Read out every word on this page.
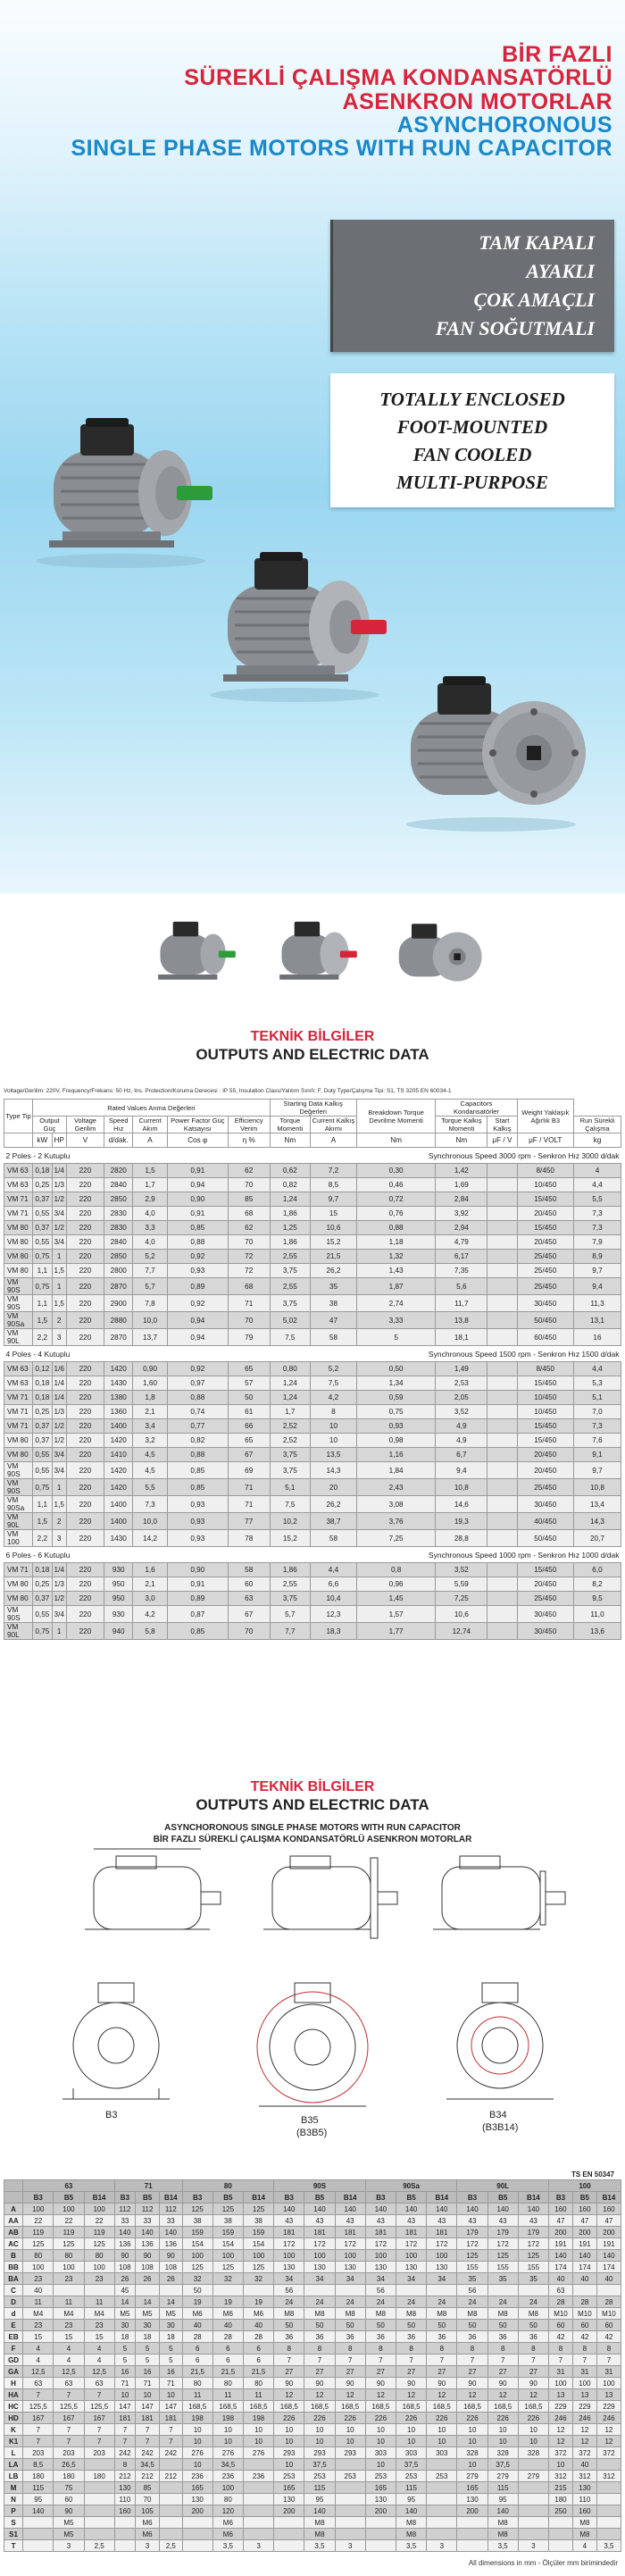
BİR FAZLI
SÜREKLİ ÇALIŞMA KONDANSATÖRLÜ
ASENKRON MOTORLAR
ASYNCHORONOUS
SINGLE PHASE MOTORS WITH RUN CAPACITOR
TAM KAPALI
AYAKLI
ÇOK AMAÇLI
FAN SOĞUTMALI
TOTALLY ENCLOSED
FOOT-MOUNTED
FAN COOLED
MULTI-PURPOSE
TEKNİK BİLGİLER
OUTPUTS AND ELECTRIC DATA
Voltage/Gerilim: 220V, Frequency/Frekans: 50 Hz, Ins. Protection/Koruma Derecesi : IP 55, Insulation Class/Yalıtım Sınıfı: F, Duty Type/Çalışma Tipi: S1, TS 3205 EN 60034-1
Type Tip	Rated Values Anma Değerleri							Starting Data Kalkış Değerleri		Breakdown Torque Devrilme Momenti	Capacitors Kondansatörler		Weight Yaklaşık Ağırlık B3	
	Output Güç		Voltage Gerilim	Speed Hız	Current Akım	Power Factor Güç Katsayısı	Efficiency Verim	Torque Momenti	Current Kalkış Akımı		Torque Kalkış Momenti	Start Kalkış		Run Sürekli Çalışma
	kW	HP	V	d/dak.	A	Cos φ	η %	Nm	A	Nm	Nm	μF / V	μF / VOLT	kg
2 Poles - 2 Kutuplu								Synchronous Speed 3000 rpm - Senkron Hız 3000 d/dak						
VM 63	0,18	1/4	220	2820	1,5	0,91	62	0,62	7,2	0,30	1,42		8/450	4
VM 63	0,25	1/3	220	2840	1,7	0,94	70	0,82	8,5	0,46	1,69		10/450	4,4
VM 71	0,37	1/2	220	2850	2,9	0,90	85	1,24	9,7	0,72	2,84		15/450	5,5
VM 71	0,55	3/4	220	2830	4,0	0,91	68	1,86	15	0,76	3,92		20/450	7,3
VM 80	0,37	1/2	220	2830	3,3	0,85	62	1,25	10,6	0,88	2,94		15/450	7,3
VM 80	0,55	3/4	220	2840	4,0	0,88	70	1,86	15,2	1,18	4,79		20/450	7,9
VM 80	0,75	1	220	2850	5,2	0,92	72	2,55	21,5	1,32	6,17		25/450	8,9
VM 80	1,1	1,5	220	2800	7,7	0,93	72	3,75	26,2	1,43	7,35		25/450	9,7
VM 90S	0,75	1	220	2870	5,7	0,89	68	2,55	35	1,87	5,6		25/450	9,4
VM 90S	1,1	1,5	220	2900	7,8	0,92	71	3,75	38	2,74	11,7		30/450	11,3
VM 90Sa	1,5	2	220	2880	10,0	0,94	70	5,02	47	3,33	13,8		50/450	13,1
VM 90L	2,2	3	220	2870	13,7	0,94	79	7,5	58	5	18,1		60/450	16
4 Poles - 4 Kutuplu								Synchronous Speed 1500 rpm - Senkron Hız 1500 d/dak						
VM 63	0,12	1/6	220	1420	0,90	0,92	65	0,80	5,2	0,50	1,49		8/450	4,4
VM 63	0,18	1/4	220	1430	1,60	0,97	57	1,24	7,5	1,34	2,53		15/450	5,3
VM 71	0,18	1/4	220	1380	1,8	0,88	50	1,24	4,2	0,59	2,05		10/450	5,1
VM 71	0,25	1/3	220	1360	2,1	0,74	61	1,7	8	0,75	3,52		10/450	7,0
VM 71	0,37	1/2	220	1400	3,4	0,77	66	2,52	10	0,93	4,9		15/450	7,3
VM 80	0,37	1/2	220	1420	3,2	0,82	65	2,52	10	0,98	4,9		15/450	7,6
VM 80	0,55	3/4	220	1410	4,5	0,88	67	3,75	13,5	1,16	6,7		20/450	9,1
VM 90S	0,55	3/4	220	1420	4,5	0,85	69	3,75	14,3	1,84	9,4		20/450	9,7
VM 90S	0,75	1	220	1420	5,5	0,85	71	5,1	20	2,43	10,8		25/450	10,8
VM 90Sa	1,1	1,5	220	1400	7,3	0,93	71	7,5	26,2	3,08	14,6		30/450	13,4
VM 90L	1,5	2	220	1400	10,0	0,93	77	10,2	38,7	3,76	19,3		40/450	14,3
VM 100	2,2	3	220	1430	14,2	0,93	78	15,2	58	7,25	28,8		50/450	20,7
6 Poles - 6 Kutuplu								Synchronous Speed 1000 rpm - Senkron Hız 1000 d/dak						
VM 71	0,18	1/4	220	930	1,6	0,90	58	1,86	4,4	0,8	3,52		15/450	6,0
VM 80	0,25	1/3	220	950	2,1	0,91	60	2,55	6,6	0,96	5,59		20/450	8,2
VM 80	0,37	1/2	220	950	3,0	0,89	63	3,75	10,4	1,45	7,25		25/450	9,5
VM 90S	0,55	3/4	220	930	4,2	0,87	67	5,7	12,3	1,57	10,6		30/450	11,0
VM 90L	0,75	1	220	940	5,8	0,85	70	7,7	18,3	1,77	12,74		30/450	13,6
TEKNİK BİLGİLER
OUTPUTS AND ELECTRIC DATA
ASYNCHORONOUS SINGLE PHASE MOTORS WITH RUN CAPACITOR
BİR FAZLI SÜREKLİ ÇALIŞMA KONDANSATÖRLÜ ASENKRON MOTORLAR
B3	B35
(B3B5)
B34
(B3B14)
TS EN 50347
	63			71			80			90S			90Sa			90L			100		
	B3	B5	B14	B3	B5	B14	B3	B5	B14	B3	B5	B14	B3	B5	B14	B3	B5	B14	B3	B5	B14
A	100	100	100	112	112	112	125	125	125	140	140	140	140	140	140	140	140	140	160	160	160
AA	22	22	22	33	33	33	38	38	38	43	43	43	43	43	43	43	43	43	47	47	47
AB	119	119	119	140	140	140	159	159	159	181	181	181	181	181	181	179	179	179	200	200	200
AC	125	125	125	136	136	136	154	154	154	172	172	172	172	172	172	172	172	172	191	191	191
B	80	80	80	90	90	90	100	100	100	100	100	100	100	100	100	125	125	125	140	140	140
BB	100	100	100	108	108	108	125	125	125	130	130	130	130	130	130	155	155	155	174	174	174
BA	23	23	23	26	26	26	32	32	32	34	34	34	34	34	34	35	35	35	40	40	40
C	40			45			50			56			56			56			63		
D	11	11	11	14	14	14	19	19	19	24	24	24	24	24	24	24	24	24	28	28	28
d	M4	M4	M4	M5	M5	M5	M6	M6	M6	M8	M8	M8	M8	M8	M8	M8	M8	M8	M10	M10	M10
E	23	23	23	30	30	30	40	40	40	50	50	50	50	50	50	50	50	50	60	60	60
EB	15	15	15	18	18	18	28	28	28	36	36	36	36	36	36	36	36	36	42	42	42
F	4	4	4	5	5	5	6	6	6	8	8	8	8	8	8	8	8	8	8	8	8
GD	4	4	4	5	5	5	6	6	6	7	7	7	7	7	7	7	7	7	7	7	7
GA	12,5	12,5	12,5	16	16	16	21,5	21,5	21,5	27	27	27	27	27	27	27	27	27	31	31	31
H	63	63	63	71	71	71	80	80	80	90	90	90	90	90	90	90	90	90	100	100	100
HA	7	7	7	10	10	10	11	11	11	12	12	12	12	12	12	12	12	12	13	13	13
HC	125,5	125,5	125,5	147	147	147	168,5	168,5	168,5	168,5	168,5	168,5	168,5	168,5	168,5	168,5	168,5	168,5	229	229	229
HD	167	167	167	181	181	181	198	198	198	226	226	226	226	226	226	226	226	226	246	246	246
K	7	7	7	7	7	7	10	10	10	10	10	10	10	10	10	10	10	10	12	12	12
K1	7	7	7	7	7	7	10	10	10	10	10	10	10	10	10	10	10	10	12	12	12
L	203	203	203	242	242	242	276	276	276	293	293	293	303	303	303	328	328	328	372	372	372
LA	8,5	26,5		8	34,5		10	34,5		10	37,5		10	37,5		10	37,5		10	40	
LB	180	180	180	212	212	212	236	236	236	253	253	253	253	253	253	279	279	279	312	312	312
M	115	75		130	85		165	100		165	115		165	115		165	115		215	130	
N	95	60		110	70		130	80		130	95		130	95		130	95		180	110	
P	140	90		160	105		200	120		200	140		200	140		200	140		250	160	
S		M5			M6			M6			M8			M8			M8			M8	
S1		M5			M6			M6			M8			M8			M8			M8	
T		3	2,5		3	2,5		3,5	3		3,5	3		3,5	3		3,5	3		4	3,5
All dimensions in mm - Ölçüler mm birimindedir
